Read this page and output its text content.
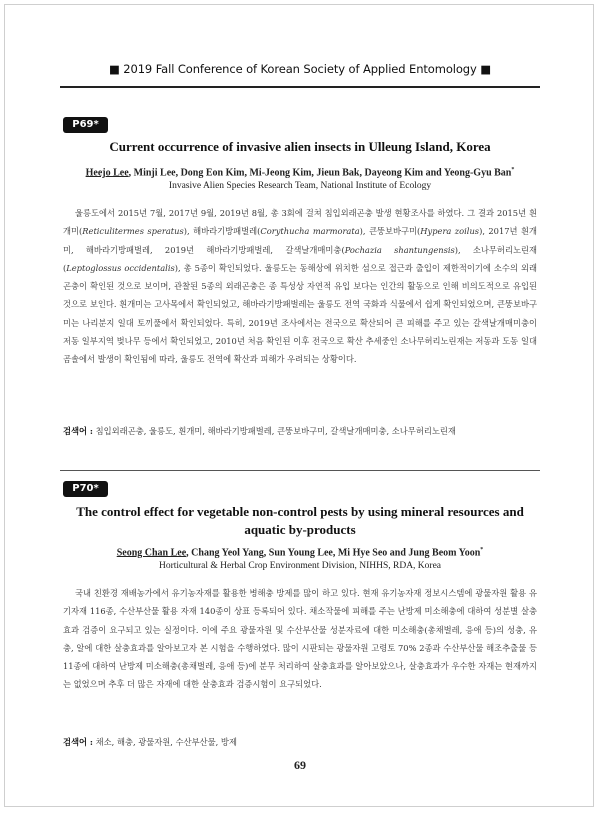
■ 2019 Fall Conference of Korean Society of Applied Entomology ■
P69*
Current occurrence of invasive alien insects in Ulleung Island, Korea
Heejo Lee, Minji Lee, Dong Eon Kim, Mi-Jeong Kim, Jieun Bak, Dayeong Kim and Yeong-Gyu Ban*
Invasive Alien Species Research Team, National Institute of Ecology

울릉도에서 2015년 7월, 2017년 9월, 2019년 8월, 총 3회에 걸쳐 침입외래곤충 발생 현황조사를 하였다. 그 결과 2015년 흰개미(Reticulitermes speratus), 해바라기방패벌레(Corythucha marmorata), 큰뚱보바구미(Hypera zoilus), 2017년 흰개미, 해바라기방패벌레, 2019년 해바라기방패벌레, 갈색날개매미충(Pochazia shantungensis), 소나무허리노린재(Leptoglossus occidentalis), 총 5종이 확인되었다. 울릉도는 동해상에 위치한 섬으로 접근과 출입이 제한적이기에 소수의 외래곤충이 확인된 것으로 보이며, 관찰된 5종의 외래곤충은 종 특성상 자연적 유입 보다는 인간의 활동으로 인해 비의도적으로 유입된 것으로 보인다. 흰개미는 고사목에서 확인되었고, 해바라기방패벌레는 울릉도 전역 국화과 식물에서 쉽게 확인되었으며, 큰뚱보바구미는 나리분지 일대 토끼풀에서 확인되었다. 특히, 2019년 조사에서는 전국으로 확산되어 큰 피해를 주고 있는 갈색날개매미충이 저동 일부지역 벚나무 등에서 확인되었고, 2010년 처음 확인된 이후 전국으로 확산 추세중인 소나무허리노린재는 저동과 도동 일대 곰솔에서 발생이 확인됨에 따라, 울릉도 전역에 확산과 피해가 우려되는 상황이다.

검색어 : 침입외래곤충, 울릉도, 흰개미, 해바라기방패벌레, 큰뚱보바구미, 갈색날개매미충, 소나무허리노린재
P70*
The control effect for vegetable non-control pests by using mineral resources and aquatic by-products
Seong Chan Lee, Chang Yeol Yang, Sun Young Lee, Mi Hye Seo and Jung Beom Yoon*
Horticultural & Herbal Crop Environment Division, NIHHS, RDA, Korea

국내 친환경 재배농가에서 유기농자재를 활용한 병해충 방제를 많이 하고 있다. 현재 유기농자재 정보시스템에 광물자원 활용 유기자재 116종, 수산부산물 활용 자재 140종이 상표 등록되어 있다. 채소작물에 피해를 주는 난방제 미소해충에 대하여 성분별 살충효과 검증이 요구되고 있는 실정이다. 이에 주요 광물자원 및 수산부산물 성분자료에 대한 미소해충(총채벌레, 응애 등)의 성충, 유충, 알에 대한 살충효과를 알아보고자 본 시험을 수행하였다. 많이 시판되는 광물자원 고령토 70% 2종과 수산부산물 해조추출물 등 11종에 대하여 난방제 미소해충(총채벌레, 응애 등)에 분무 처리하여 살충효과를 알아보았으나, 살충효과가 우수한 자재는 현재까지는 없었으며 추후 더 많은 자재에 대한 살충효과 검증시험이 요구되었다.

검색어 : 채소, 해충, 광물자원, 수산부산물, 방제
69
